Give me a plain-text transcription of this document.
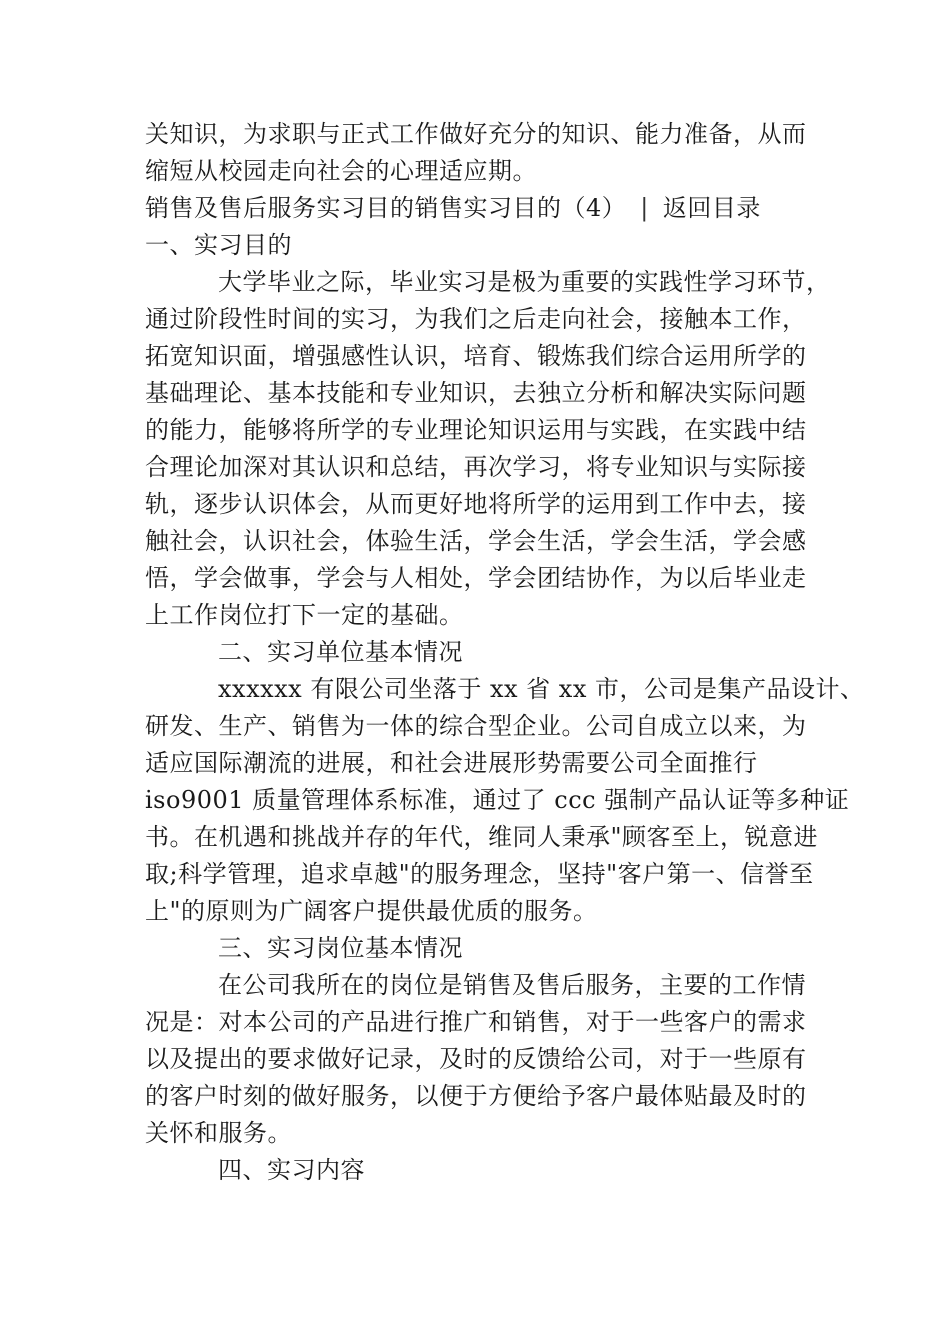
关知识，为求职与正式工作做好充分的知识、能力准备，从而
缩短从校园走向社会的心理适应期。
销售及售后服务实习目的销售实习目的（4） | 返回目录
一、实习目的
大学毕业之际，毕业实习是极为重要的实践性学习环节，
通过阶段性时间的实习，为我们之后走向社会，接触本工作，
拓宽知识面，增强感性认识，培育、锻炼我们综合运用所学的
基础理论、基本技能和专业知识，去独立分析和解决实际问题
的能力，能够将所学的专业理论知识运用与实践，在实践中结
合理论加深对其认识和总结，再次学习，将专业知识与实际接
轨，逐步认识体会，从而更好地将所学的运用到工作中去，接
触社会，认识社会，体验生活，学会生活，学会生活，学会感
悟，学会做事，学会与人相处，学会团结协作，为以后毕业走
上工作岗位打下一定的基础。
二、实习单位基本情况
xxxxxx 有限公司坐落于 xx 省 xx 市，公司是集产品设计、
研发、生产、销售为一体的综合型企业。公司自成立以来，为
适应国际潮流的进展，和社会进展形势需要公司全面推行
iso9001 质量管理体系标准，通过了 ccc 强制产品认证等多种证
书。在机遇和挑战并存的年代，维同人秉承"顾客至上，锐意进
取;科学管理，追求卓越"的服务理念，坚持"客户第一、信誉至
上"的原则为广阔客户提供最优质的服务。
三、实习岗位基本情况
在公司我所在的岗位是销售及售后服务，主要的工作情
况是：对本公司的产品进行推广和销售，对于一些客户的需求
以及提出的要求做好记录，及时的反馈给公司，对于一些原有
的客户时刻的做好服务，以便于方便给予客户最体贴最及时的
关怀和服务。
四、实习内容
